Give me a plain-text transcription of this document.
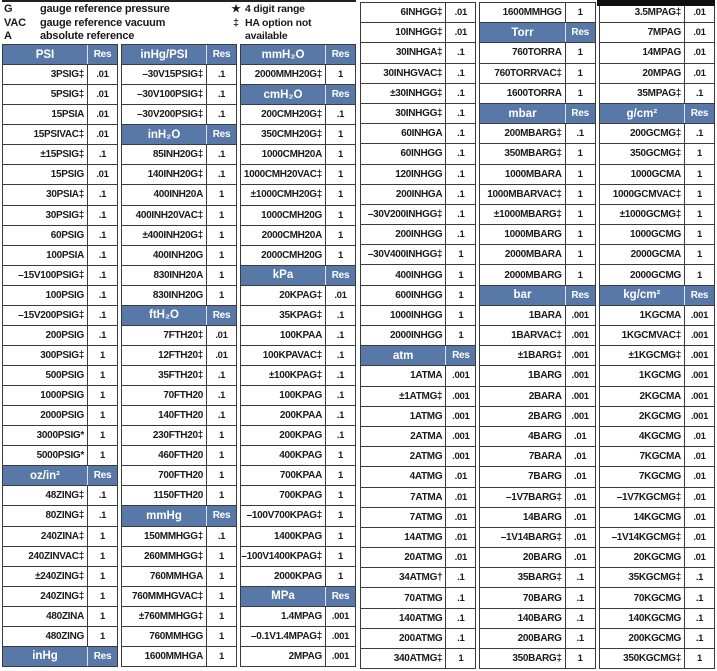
G	gauge reference pressure
VAC	gauge reference vacuum
A	absolute reference
★ 4 digit range
‡ HA option not available
PSI	Res
3PSIG‡	.01
5PSIG‡	.01
15PSIA	.01
15PSIVAC‡	.01
±15PSIG‡	.1
15PSIG	.01
30PSIA‡	.1
30PSIG‡	.1
60PSIG	.1
100PSIA	.1
–15V100PSIG‡	.1
100PSIG	.1
–15V200PSIG‡	.1
200PSIG	.1
300PSIG‡	1
500PSIG	1
1000PSIG	1
2000PSIG	1
3000PSIG*	1
5000PSIG*	1
oz/in²	Res
48ZING‡	.1
80ZING‡	.1
240ZINA‡	1
240ZINVAC‡	1
±240ZING‡	1
240ZING‡	1
480ZINA	1
480ZING	1
inHg	Res
inHg/PSI	Res
–30V15PSIG‡	.1
–30V100PSIG‡	.1
–30V200PSIG‡	.1
inH₂O	Res
85INH20G‡	.1
140INH20G‡	.1
400INH20A	1
400INH20VAC‡	1
±400INH20G‡	1
400INH20G	1
830INH20A	1
830INH20G	1
ftH₂O	Res
7FTH20‡	.01
12FTH20‡	.01
35FTH20‡	.1
70FTH20	.1
140FTH20	.1
230FTH20‡	1
460FTH20	1
700FTH20	1
1150FTH20	1
mmHg	Res
150MMHGG‡	.1
260MMHGG‡	1
760MMHGA	1
760MMHGVAC‡	1
±760MMHGG‡	1
760MMHGG	1
1600MMHGA	1
mmH₂O	Res
2000MMH20G‡	1
cmH₂O	Res
200CMH20G‡	.1
350CMH20G‡	1
1000CMH20A	1
1000CMH20VAC‡	1
±1000CMH20G‡	1
1000CMH20G	1
2000CMH20A	1
2000CMH20G	1
kPa	Res
20KPAG‡	.01
35KPAG‡	.1
100KPAA	.1
100KPAVAC‡	.1
±100KPAG‡	.1
100KPAG	.1
200KPAA	.1
200KPAG	.1
400KPAG	1
700KPAA	1
700KPAG	1
–100V700KPAG‡	1
1400KPAG	1
–100V1400KPAG‡	1
2000KPAG	1
MPa	Res
1.4MPAG	.001
–0.1V1.4MPAG‡	.001
2MPAG	.001
6INHGG‡	.01
10INHGG‡	.01
30INHGA‡	.1
30INHGVAC‡	.1
±30INHGG‡	.1
30INHGG‡	.1
60INHGA	.1
60INHGG	.1
120INHGG	.1
200INHGA	.1
–30V200INHGG‡	.1
200INHGG	.1
–30V400INHGG‡	1
400INHGG	1
600INHGG	1
1000INHGG	1
2000INHGG	1
atm	Res
1ATMA	.001
±1ATMG‡	.001
1ATMG	.001
2ATMA	.001
2ATMG	.001
4ATMG	.01
7ATMA	.01
7ATMG	.01
14ATMG	.01
20ATMG	.01
34ATMG†	.1
70ATMG	.1
140ATMG	.1
200ATMG	.1
340ATMG‡	1
1600MMHGG	1
Torr	Res
760TORRA	1
760TORRVAC‡	1
1600TORRA	1
mbar	Res
200MBARG‡	.1
350MBARG‡	1
1000MBARA	1
1000MBARVAC‡	1
±1000MBARG‡	1
1000MBARG	1
2000MBARA	1
2000MBARG	1
bar	Res
1BARA	.001
1BARVAC‡	.001
±1BARG‡	.001
1BARG	.001
2BARA	.001
2BARG	.001
4BARG	.01
7BARA	.01
7BARG	.01
–1V7BARG‡	.01
14BARG	.01
–1V14BARG‡	.01
20BARG	.01
35BARG‡	.1
70BARG	.1
140BARG	.1
200BARG	.1
350BARG‡	1
3.5MPAG‡	.01
7MPAG	.01
14MPAG	.01
20MPAG	.01
35MPAG‡	.1
g/cm²	Res
200GCMG‡	.1
350GCMG‡	1
1000GCMA	1
1000GCMVAC‡	1
±1000GCMG‡	1
1000GCMG	1
2000GCMA	1
2000GCMG	1
kg/cm²	Res
1KGCMA	.001
1KGCMVAC‡	.001
±1KGCMG‡	.001
1KGCMG	.001
2KGCMA	.001
2KGCMG	.001
4KGCMG	.01
7KGCMA	.01
7KGCMG	.01
–1V7KGCMG‡	.01
14KGCMG	.01
–1V14KGCMG‡	.01
20KGCMG	.01
35KGCMG‡	.1
70KGCMG	.1
140KGCMG	.1
200KGCMG	.1
350KGCMG‡	1
